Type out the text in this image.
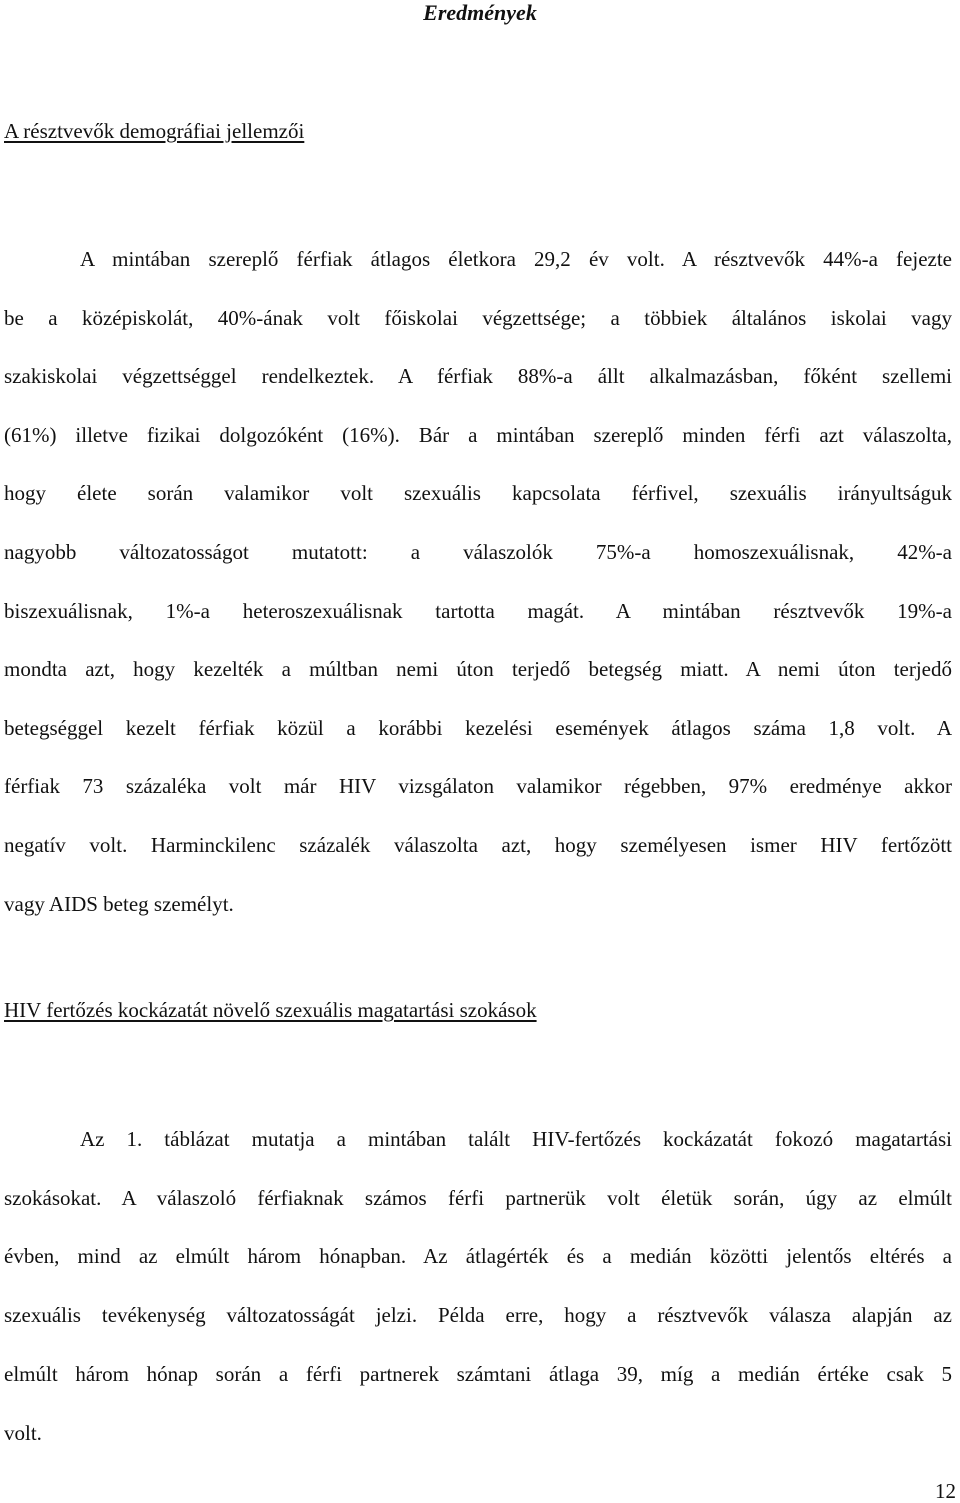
Eredmények
A résztvevők demográfiai jellemzői
A mintában szereplő férfiak átlagos életkora 29,2 év volt. A résztvevők 44%-a fejezte
be a középiskolát, 40%-ának volt főiskolai végzettsége; a többiek általános iskolai vagy
szakiskolai végzettséggel rendelkeztek. A férfiak 88%-a állt alkalmazásban, főként szellemi
(61%) illetve fizikai dolgozóként (16%). Bár a mintában szereplő minden férfi azt válaszolta,
hogy élete során valamikor volt szexuális kapcsolata férfivel, szexuális irányultságuk
nagyobb változatosságot mutatott: a válaszolók 75%-a homoszexuálisnak, 42%-a
biszexuálisnak, 1%-a heteroszexuálisnak tartotta magát. A mintában résztvevők 19%-a
mondta azt, hogy kezelték a múltban nemi úton terjedő betegség miatt. A nemi úton terjedő
betegséggel kezelt férfiak közül a korábbi kezelési események átlagos száma 1,8 volt. A
férfiak 73 százaléka volt már HIV vizsgálaton valamikor régebben, 97% eredménye akkor
negatív volt. Harminckilenc százalék válaszolta azt, hogy személyesen ismer HIV fertőzött
vagy AIDS beteg személyt.
HIV fertőzés kockázatát növelő szexuális magatartási szokások
Az 1. táblázat mutatja a mintában talált HIV-fertőzés kockázatát fokozó magatartási
szokásokat. A válaszoló férfiaknak számos férfi partnerük volt életük során, úgy az elmúlt
évben, mind az elmúlt három hónapban. Az átlagérték és a medián közötti jelentős eltérés a
szexuális tevékenység változatosságát jelzi. Példa erre, hogy a résztvevők válasza alapján az
elmúlt három hónap során a férfi partnerek számtani átlaga 39, míg a medián értéke csak 5
volt.
12
